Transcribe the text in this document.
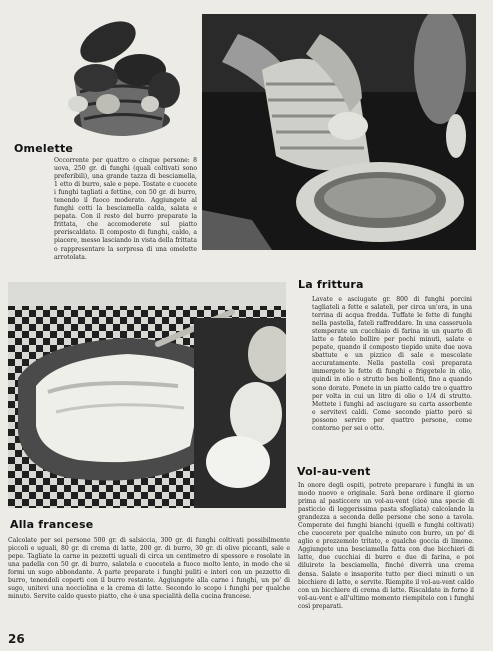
Omelette

Occorrente per quattro o cinque persone: 8 uova, 250 gr. di funghi (quali coltivati sono preferibili), una grande tazza di besciamella, 1 etto di burro, sale e pepe. Tostate e cuocete i funghi tagliati a fettine, con 50 gr. di burro, tenendo il fuoco moderato. Aggiungete al funghi cotti la besciamella calda, salata e pepata. Con il resto del burro preparate la frittata, che accomoderete sul piatto preriscaldato. Il composto di funghi, caldo, a piacere, messo lasciando in vista della frittata o rappresentare la sorpresa di una omelette arrotolata.

La frittura

Lavate e asciugate gr. 800 di funghi porcini tagliateli a fette e salateli, per circa un'ora, in una terrina di acqua fredda. Tuffate le fette di funghi nella pastella, fateli raffreddare. In una casseruola stemperate un cucchiaio di farina in un quarto di latte e fatelo bollire per pochi minuti, salate e pepate, quando il composto tiepido unite due uova sbattute e un pizzico di sale e mescolate accuratamente. Nella pastella così preparata immergete le fette di funghi e friggetele in olio, quindi in olio o strutto ben bollenti, fino a quando sono dorate. Ponete in un piatto caldo tre o quattro per volta in cui un litro di olio o 1/4 di strutto. Mettete i funghi ad asciugare su carta assorbente e servitevi caldi. Come secondo piatto però si possono servire per quattro persone, come contorno per sei o otto.

Alla francese

Calcolate per sei persone 500 gr. di salsiccia, 300 gr. di funghi coltivati possibilmente piccoli e uguali, 80 gr. di crema di latte, 200 gr. di burro, 30 gr. di olive piccanti, sale e pepe. Tagliate la carne in pezzetti uguali di circa un centimetro di spessore e rosolate in una padella con 50 gr. di burro, salatela e cuocetela a fuoco molto lento, in modo che si formi un sugo abbondante. A parte preparate i funghi puliti e interi con un pezzetto di burro, tenendoli coperti con il burro restante. Aggiungete alla carne i funghi, un po' di sugo, unitevi una nocciolina e la crema di latte. Secondo lo scopo i funghi per qualche minuto. Servite caldo questo piatto, che è una specialità della cucina francese.

Vol-au-vent

In onore degli ospiti, potrete preparare i funghi in un modo nuovo e originale. Sarà bene ordinare il giorno prima al pasticcere un vol-au-vent (cioè una specie di pasticcio di leggerissima pasta sfogliata) calcolando la grandezza a seconda delle persone che sono a tavola. Comperate dei funghi bianchi (quelli e funghi coltivati) che cuocerete per qualche minuto con burro, un po' di aglio e prezzemolo tritato, e qualche goccia di limone. Aggiungete una besciamella fatta con due bicchieri di latte, due cucchiai di burro e due di farina, e poi diluirete la besciamella, finché diverrà una crema densa. Salate e insaporite tutto per dieci minuti o un bicchiere di latte, e servite. Riempite il vol-au-vent caldo con un bicchiere di crema di latte. Riscaldate in forno il vol-au-vent e all'ultimo momento riempitelo con i funghi così preparati.

26
